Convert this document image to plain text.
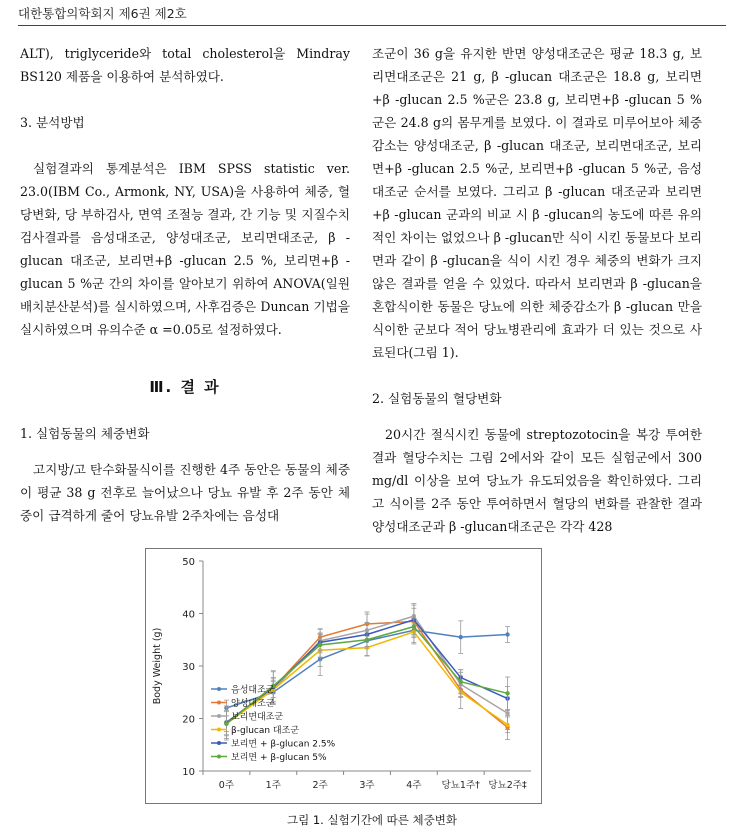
대한통합의학회지 제6권 제2호

ALT), triglyceride와 total cholesterol을 Mindray BS120 제품을 이용하여 분석하였다.

3. 분석방법

실험결과의 통계분석은 IBM SPSS statistic ver. 23.0(IBM Co., Armonk, NY, USA)을 사용하여 체중, 혈당변화, 당 부하검사, 면역 조절능 결과, 간 기능 및 지질수치 검사결과를 음성대조군, 양성대조군, 보리면대조군, β -glucan 대조군, 보리면+β -glucan 2.5 %, 보리면+β -glucan 5 %군 간의 차이를 알아보기 위하여 ANOVA(일원배치분산분석)를 실시하였으며, 사후검증은 Duncan 기법을 실시하였으며 유의수준 α =0.05로 설정하였다.

Ⅲ. 결 과

1. 실험동물의 체중변화

고지방/고 탄수화물식이를 진행한 4주 동안은 동물의 체중이 평균 38 g 전후로 늘어났으나 당뇨 유발 후 2주 동안 체중이 급격하게 줄어 당뇨유발 2주차에는 음성대

조군이 36 g을 유지한 반면 양성대조군은 평균 18.3 g, 보리면대조군은 21 g, β -glucan 대조군은 18.8 g, 보리면+β -glucan 2.5 %군은 23.8 g, 보리면+β -glucan 5 %군은 24.8 g의 몸무게를 보였다. 이 결과로 미루어보아 체중감소는 양성대조군, β -glucan 대조군, 보리면대조군, 보리면+β -glucan 2.5 %군, 보리면+β -glucan 5 %군, 음성대조군 순서를 보였다. 그리고 β -glucan 대조군과 보리면+β -glucan 군과의 비교 시 β -glucan의 농도에 따른 유의적인 차이는 없었으나 β -glucan만 식이 시킨 동물보다 보리면과 같이 β -glucan을 식이 시킨 경우 체중의 변화가 크지 않은 결과를 얻을 수 있었다. 따라서 보리면과 β -glucan을 혼합식이한 동물은 당뇨에 의한 체중감소가 β -glucan 만을 식이한 군보다 적어 당뇨병관리에 효과가 더 있는 것으로 사료된다(그림 1).

2. 실험동물의 혈당변화

20시간 절식시킨 동물에 streptozotocin을 복강 투여한 결과 혈당수치는 그림 2에서와 같이 모든 실험군에서 300 mg/dl 이상을 보여 당뇨가 유도되었음을 확인하였다. 그리고 식이를 2주 동안 투여하면서 혈당의 변화를 관찰한 결과 양성대조군과 β -glucan대조군은 각각 428

10
20
30
40
50
Body Weight (g)
0주	1주	2주	3주	4주 당뇨1주† 당뇨2주‡
음성대조군
양성대조군
보리면대조군
β-glucan 대조군
보리면 + β-glucan 2.5%
보리면 + β-glucan 5%
그림 1. 실험기간에 따른 체중변화
